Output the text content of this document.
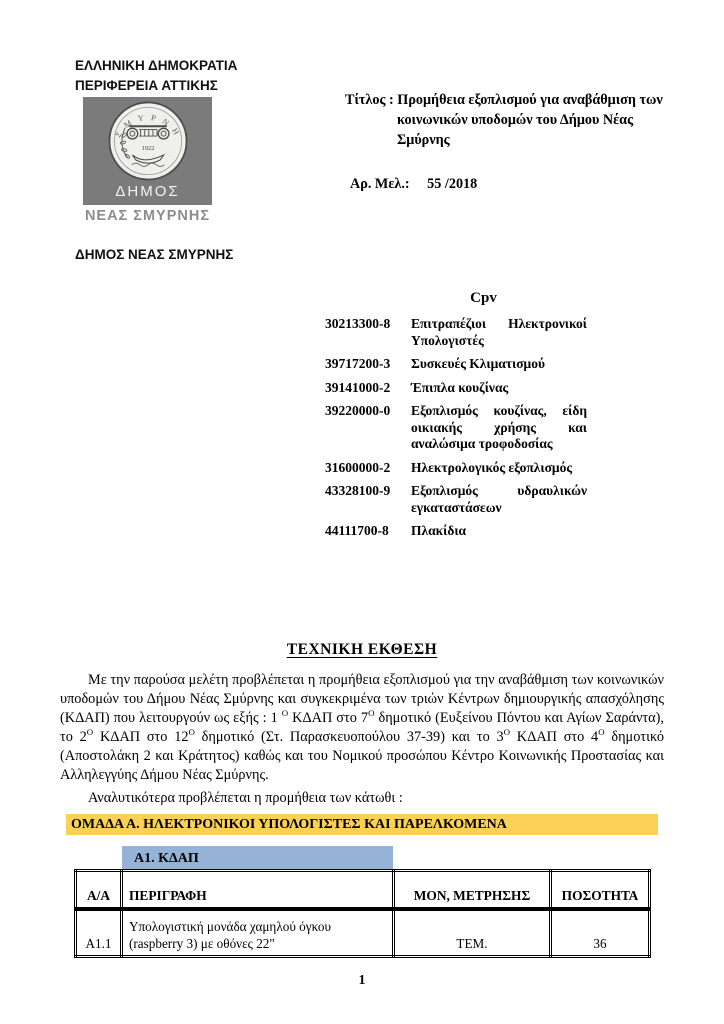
ΕΛΛΗΝΙΚΗ ΔΗΜΟΚΡΑΤΙΑ
ΠΕΡΙΦΕΡΕΙΑ ΑΤΤΙΚΗΣ
ΣΜΥΡΝΗ
1922
ΔΗΜΟΣ
ΝΕΑΣ ΣΜΥΡΝΗΣ
ΔΗΜΟΣ ΝΕΑΣ ΣΜΥΡΝΗΣ
Τίτλος : Προμήθεια εξοπλισμού για αναβάθμιση των κοινωνικών υποδομών του Δήμου Νέας Σμύρνης
Αρ. Μελ.: 55 /2018
Cpv
30213300-8	Επιτραπέζιοι Ηλεκτρονικοί Υπολογιστές
39717200-3	Συσκευές Κλιματισμού
39141000-2	Έπιπλα κουζίνας
39220000-0	Εξοπλισμός κουζίνας, είδη οικιακής χρήσης και αναλώσιμα τροφοδοσίας
31600000-2	Ηλεκτρολογικός εξοπλισμός
43328100-9	Εξοπλισμός υδραυλικών εγκαταστάσεων
44111700-8	Πλακίδια
ΤΕΧΝΙΚΗ ΕΚΘΕΣΗ

Με την παρούσα μελέτη προβλέπεται η προμήθεια εξοπλισμού για την αναβάθμιση των κοινωνικών υποδομών του Δήμου Νέας Σμύρνης και συγκεκριμένα των τριών Κέντρων δημιουργικής απασχόλησης (ΚΔΑΠ) που λειτουργούν ως εξής : 1 $^O$ ΚΔΑΠ στο $7^O$ δημοτικό (Ευξείνου Πόντου και Αγίων Σαράντα), το $2^O$ ΚΔΑΠ στο $12^O$ δημοτικό (Στ. Παρασκευοπούλου 37-39) και το $3^O$ ΚΔΑΠ στο $4^O$ δημοτικό (Αποστολάκη 2 και Κράτητος) καθώς και του Νομικού προσώπου Κέντρο Κοινωνικής Προστασίας και Αλληλεγγύης Δήμου Νέας Σμύρνης.

Αναλυτικότερα προβλέπεται η προμήθεια των κάτωθι :

ΟΜΑΔΑ Α. ΗΛΕΚΤΡΟΝΙΚΟΙ ΥΠΟΛΟΓΙΣΤΕΣ ΚΑΙ ΠΑΡΕΛΚΟΜΕΝΑ
Α1. ΚΔΑΠ
Α/Α	ΠΕΡΙΓΡΑΦΗ	ΜΟΝ, ΜΕΤΡΗΣΗΣ	ΠΟΣΟΤΗΤΑ
Α1.1	Υπολογιστική μονάδα χαμηλού όγκου (raspberry 3) με οθόνες 22"	ΤΕΜ.	36
1
